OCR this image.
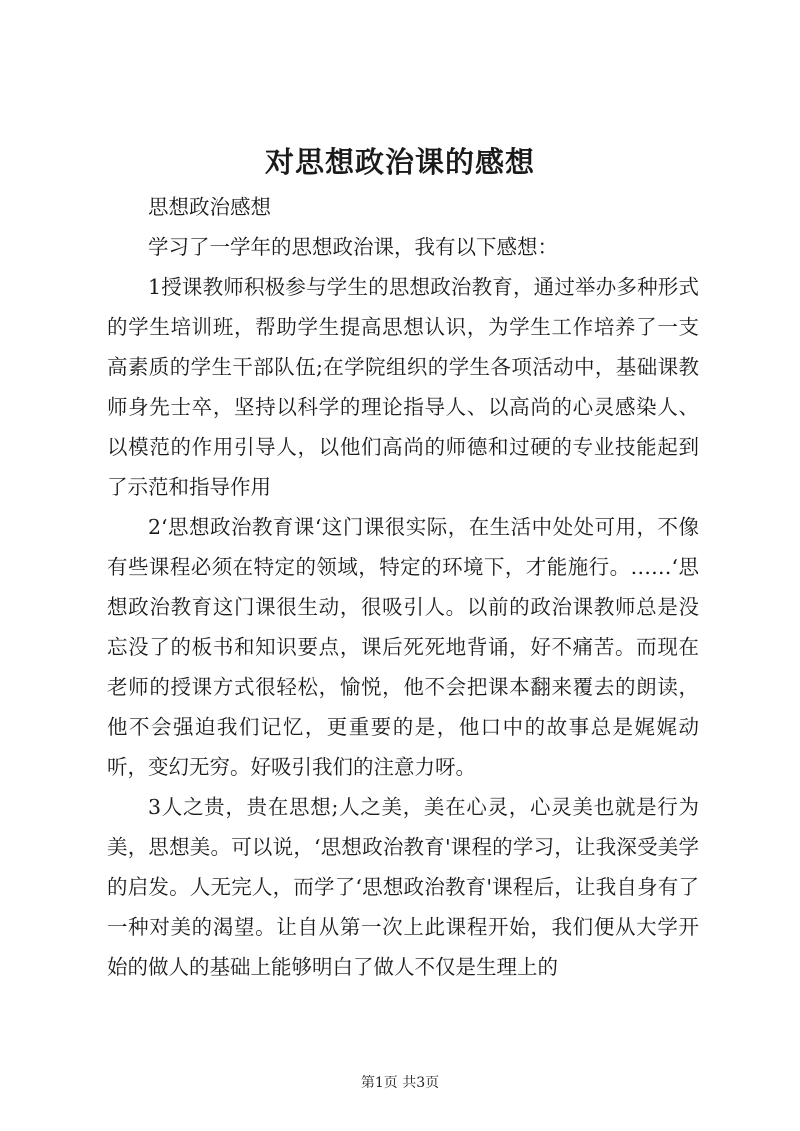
对思想政治课的感想

思想政治感想

学习了一学年的思想政治课，我有以下感想：

1授课教师积极参与学生的思想政治教育，通过举办多种形式的学生培训班，帮助学生提高思想认识，为学生工作培养了一支高素质的学生干部队伍;在学院组织的学生各项活动中，基础课教师身先士卒，坚持以科学的理论指导人、以高尚的心灵感染人、以模范的作用引导人，以他们高尚的师德和过硬的专业技能起到了示范和指导作用

2‘思想政治教育课‘这门课很实际，在生活中处处可用，不像有些课程必须在特定的领域，特定的环境下，才能施行。……‘思想政治教育这门课很生动，很吸引人。以前的政治课教师总是没忘没了的板书和知识要点，课后死死地背诵，好不痛苦。而现在老师的授课方式很轻松，愉悦，他不会把课本翻来覆去的朗读，他不会强迫我们记忆，更重要的是，他口中的故事总是娓娓动听，变幻无穷。好吸引我们的注意力呀。

3人之贵，贵在思想;人之美，美在心灵，心灵美也就是行为美，思想美。可以说，‘思想政治教育'课程的学习，让我深受美学的启发。人无完人，而学了‘思想政治教育'课程后，让我自身有了一种对美的渴望。让自从第一次上此课程开始，我们便从大学开始的做人的基础上能够明白了做人不仅是生理上的

第1页 共3页
